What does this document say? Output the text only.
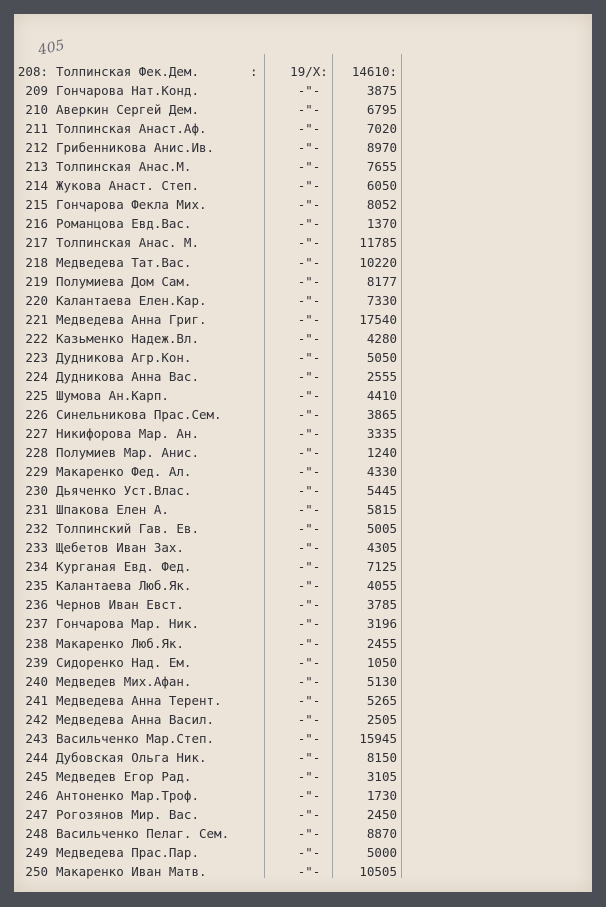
405
208: Толпинская Фек.Дем.	19/X:	14610:
:
209 Гончарова Нат.Конд.	-"-	3875
210 Аверкин Сергей Дем.	-"-	6795
211 Толпинская Анаст.Аф.	-"-	7020
212 Грибенникова Анис.Ив.	-"-	8970
213 Толпинская Анас.М.	-"-	7655
214 Жукова Анаст. Степ.	-"-	6050
215 Гончарова Фекла Мих.	-"-	8052
216 Романцова Евд.Вас.	-"-	1370
217 Толпинская Анас. М.	-"-	11785
218 Медведева Тат.Вас.	-"-	10220
219 Полумиева Дом Сам.	-"-	8177
220 Калантаева Елен.Кар.	-"-	7330
221 Медведева Анна Григ.	-"-	17540
222 Казьменко Надеж.Вл.	-"-	4280
223 Дудникова Агр.Кон.	-"-	5050
224 Дудникова Анна Вас.	-"-	2555
225 Шумова Ан.Карп.	-"-	4410
226 Синельникова Прас.Сем.	-"-	3865
227 Никифорова Мар. Ан.	-"-	3335
228 Полумиев Мар. Анис.	-"-	1240
229 Макаренко Фед. Ал.	-"-	4330
230 Дьяченко Уст.Влас.	-"-	5445
231 Шпакова Елен А.	-"-	5815
232 Толпинский Гав. Ев.	-"-	5005
233 Щебетов Иван Зах.	-"-	4305
234 Курганая Евд. Фед.	-"-	7125
235 Калантаева Люб.Як.	-"-	4055
236 Чернов Иван Евст.	-"-	3785
237 Гончарова Мар. Ник.	-"-	3196
238 Макаренко Люб.Як.	-"-	2455
239 Сидоренко Над. Ем.	-"-	1050
240 Медведев Мих.Афан.	-"-	5130
241 Медведева Анна Терент.	-"-	5265
242 Медведева Анна Васил.	-"-	2505
243 Васильченко Мар.Степ.	-"-	15945
244 Дубовская Ольга Ник.	-"-	8150
245 Медведев Егор Рад.	-"-	3105
246 Антоненко Мар.Троф.	-"-	1730
247 Рогозянов Мир. Вас.	-"-	2450
248 Васильченко Пелаг. Сем.	-"-	8870
249 Медведева Прас.Пар.	-"-	5000
250 Макаренко Иван Матв.	-"-	10505
